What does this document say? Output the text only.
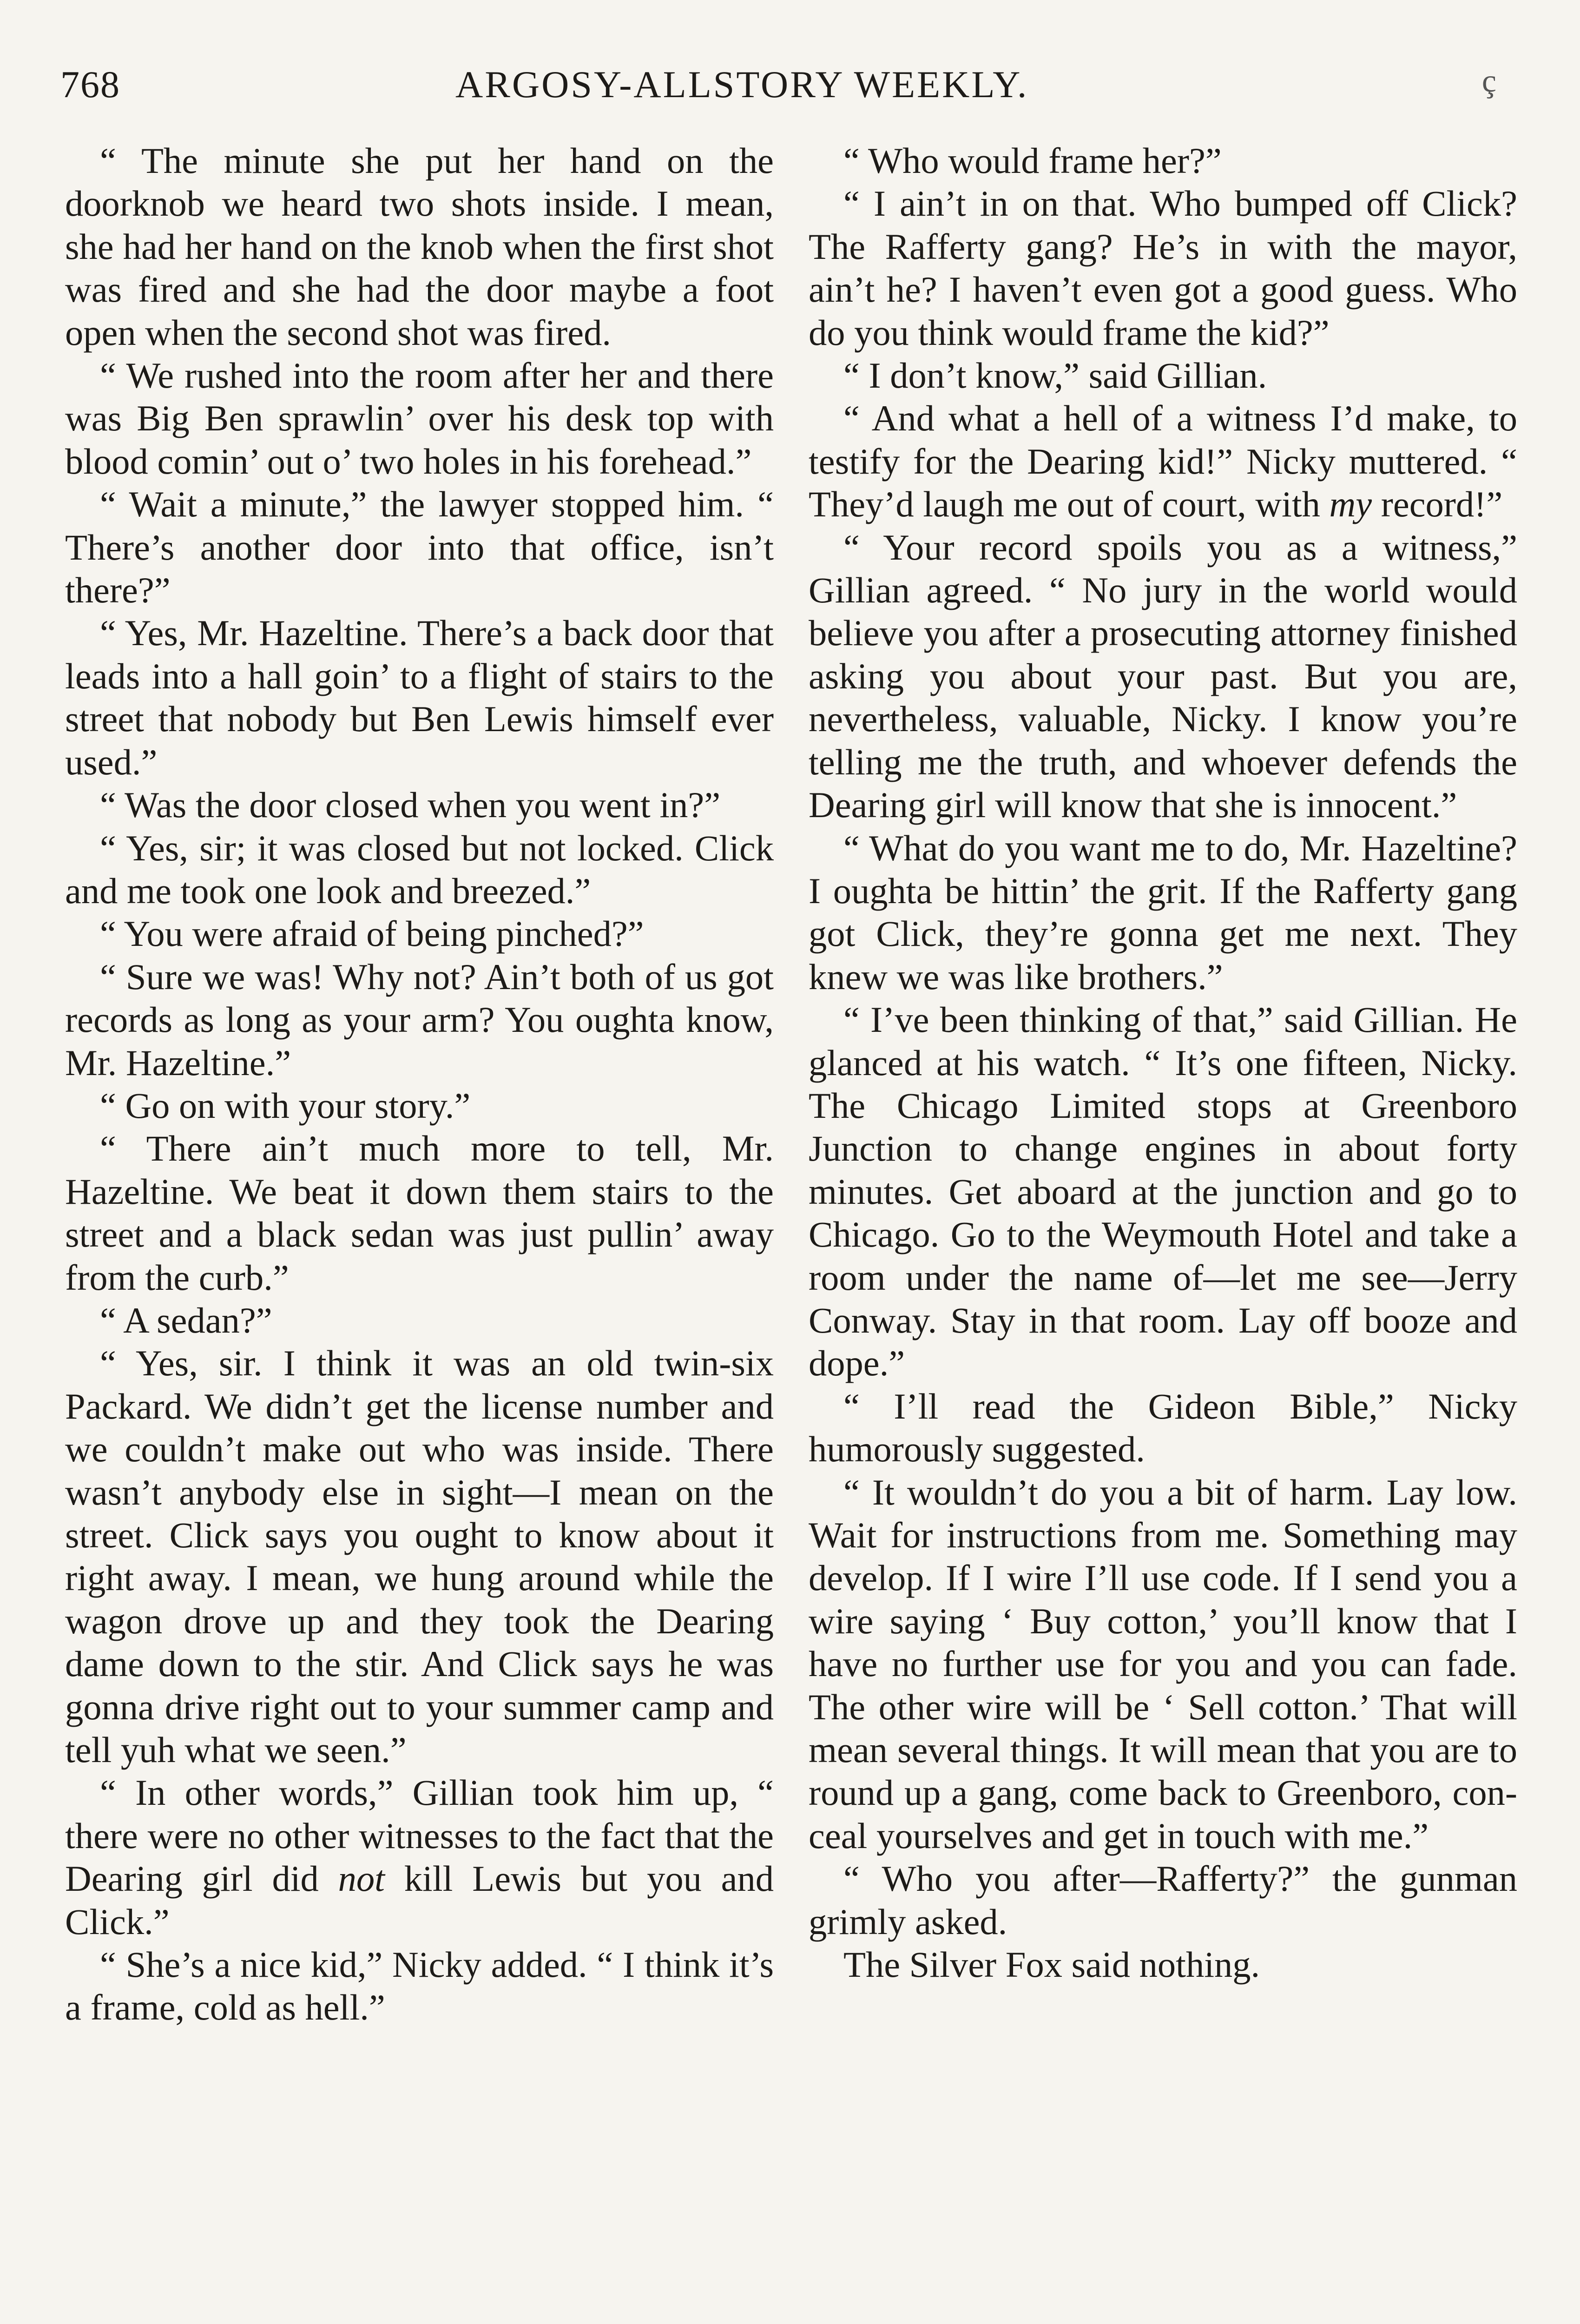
768	ARGOSY-ALLSTORY WEEKLY.	ç

“ The minute she put her hand on the doorknob we heard two shots inside. I mean, she had her hand on the knob when the first shot was fired and she had the door maybe a foot open when the second shot was fired.

“ We rushed into the room after her and there was Big Ben sprawlin’ over his desk top with blood comin’ out o’ two holes in his forehead.”

“ Wait a minute,” the lawyer stopped him. “ There’s another door into that office, isn’t there?”

“ Yes, Mr. Hazeltine. There’s a back door that leads into a hall goin’ to a flight of stairs to the street that nobody but Ben Lewis himself ever used.”

“ Was the door closed when you went in?”

“ Yes, sir; it was closed but not locked. Click and me took one look and breezed.”

“ You were afraid of being pinched?”

“ Sure we was! Why not? Ain’t both of us got records as long as your arm? You oughta know, Mr. Hazeltine.”

“ Go on with your story.”

“ There ain’t much more to tell, Mr. Hazeltine. We beat it down them stairs to the street and a black sedan was just pullin’ away from the curb.”

“ A sedan?”

“ Yes, sir. I think it was an old twin-six Packard. We didn’t get the license number and we couldn’t make out who was inside. There wasn’t anybody else in sight—I mean on the street. Click says you ought to know about it right away. I mean, we hung around while the wagon drove up and they took the Dearing dame down to the stir. And Click says he was gonna drive right out to your summer camp and tell yuh what we seen.”

“ In other words,” Gillian took him up, “ there were no other witnesses to the fact that the Dearing girl did not kill Lewis but you and Click.”

“ She’s a nice kid,” Nicky added. “ I think it’s a frame, cold as hell.”

“ Who would frame her?”

“ I ain’t in on that. Who bumped off Click? The Rafferty gang? He’s in with the mayor, ain’t he? I haven’t even got a good guess. Who do you think would frame the kid?”

“ I don’t know,” said Gillian.

“ And what a hell of a witness I’d make, to testify for the Dearing kid!” Nicky muttered. “ They’d laugh me out of court, with my record!”

“ Your record spoils you as a witness,” Gillian agreed. “ No jury in the world would believe you after a prosecuting attorney finished asking you about your past. But you are, nevertheless, valuable, Nicky. I know you’re telling me the truth, and whoever defends the Dearing girl will know that she is innocent.”

“ What do you want me to do, Mr. Hazeltine? I oughta be hittin’ the grit. If the Rafferty gang got Click, they’re gonna get me next. They knew we was like brothers.”

“ I’ve been thinking of that,” said Gillian. He glanced at his watch. “ It’s one fifteen, Nicky. The Chicago Limited stops at Greenboro Junction to change engines in about forty minutes. Get aboard at the junction and go to Chicago. Go to the Weymouth Hotel and take a room under the name of—let me see—Jerry Conway. Stay in that room. Lay off booze and dope.”

“ I’ll read the Gideon Bible,” Nicky humorously suggested.

“ It wouldn’t do you a bit of harm. Lay low. Wait for instructions from me. Something may develop. If I wire I’ll use code. If I send you a wire saying ‘ Buy cotton,’ you’ll know that I have no further use for you and you can fade. The other wire will be ‘ Sell cotton.’ That will mean several things. It will mean that you are to round up a gang, come back to Greenboro, conceal yourselves and get in touch with me.”

“ Who you after—Rafferty?” the gunman grimly asked.

The Silver Fox said nothing.
